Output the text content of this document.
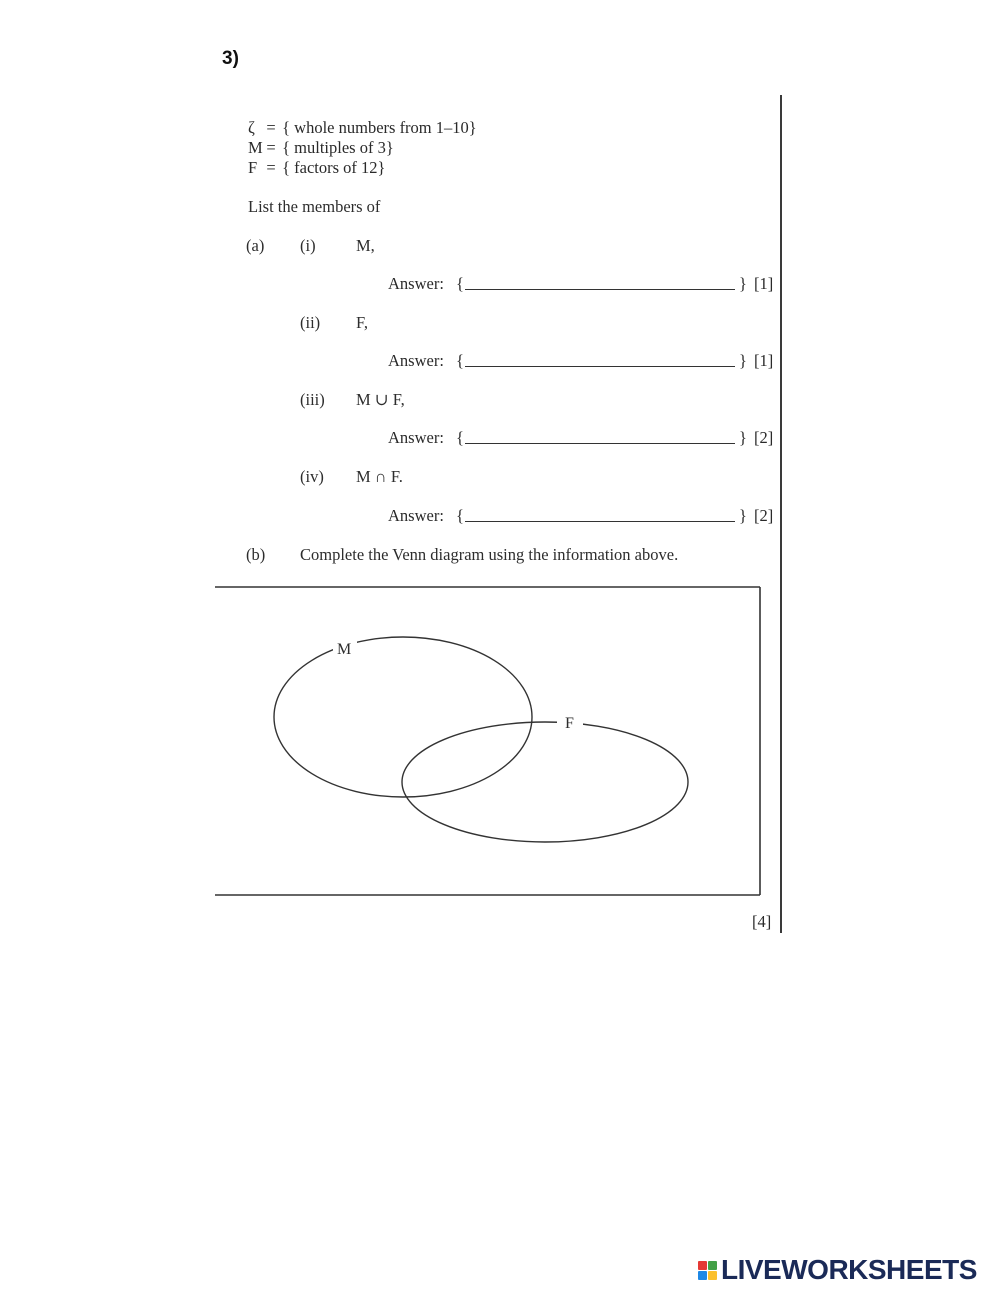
3)
ζ = { whole numbers from 1–10}
M = { multiples of 3}
F = { factors of 12}
List the members of
(a) (i) M,
Answer: {	} [1]
(ii) F,
Answer: {	} [1]
(iii) M ∪ F,
Answer: {	} [2]
(iv) M ∩ F.
Answer: {	} [2]
(b) Complete the Venn diagram using the information above.
M
F
[4]
LIVEWORKSHEETS
